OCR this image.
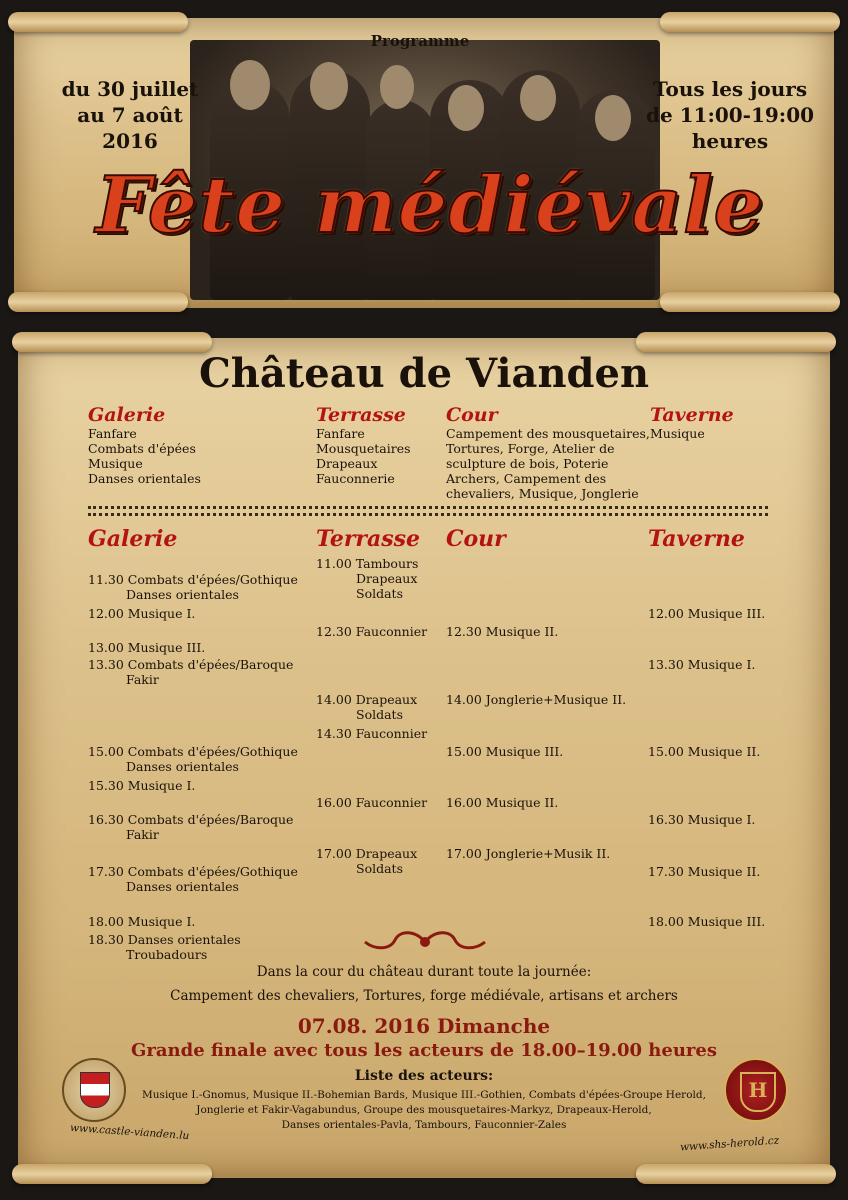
Programme
du 30 juillet
au 7 août
2016
Tous les jours
de 11:00-19:00
heures
Fête médiévale
Château de Vianden
Galerie
Fanfare
Combats d'épées
Musique
Danses orientales
Terrasse
Fanfare
Mousquetaires
Drapeaux
Fauconnerie
Cour
Campement des mousquetaires,
Tortures, Forge, Atelier de
sculpture de bois, Poterie
Archers, Campement des
chevaliers, Musique, Jonglerie
Taverne
Musique
Galerie	Terrasse Cour	Taverne
11.30 Combats d'épées/Gothique
Danses orientales
12.00 Musique I.
13.00 Musique III.
13.30 Combats d'épées/Baroque
Fakir
15.00 Combats d'épées/Gothique
Danses orientales
15.30 Musique I.
16.30 Combats d'épées/Baroque
Fakir
17.30 Combats d'épées/Gothique
Danses orientales
18.00 Musique I.
18.30 Danses orientales
Troubadours
11.00 Tambours
Drapeaux
Soldats
12.30 Fauconnier
14.00 Drapeaux
Soldats
14.30 Fauconnier
16.00 Fauconnier
17.00 Drapeaux
Soldats
12.30 Musique II.
14.00 Jonglerie+Musique II.
15.00 Musique III.
16.00 Musique II.
17.00 Jonglerie+Musik II.
12.00 Musique III.
13.30 Musique I.
15.00 Musique II.
16.30 Musique I.
17.30 Musique II.
18.00 Musique III.
Dans la cour du château durant toute la journée:
Campement des chevaliers, Tortures, forge médiévale, artisans et archers
07.08. 2016 Dimanche
Grande finale avec tous les acteurs de 18.00–19.00 heures
Liste des acteurs:
Musique I.-Gnomus, Musique II.-Bohemian Bards, Musique III.-Gothien, Combats d'épées-Groupe Herold,
Jonglerie et Fakir-Vagabundus, Groupe des mousquetaires-Markyz, Drapeaux-Herold,
Danses orientales-Pavla, Tambours, Fauconnier-Zales
H
www.castle-vianden.lu
www.shs-herold.cz
